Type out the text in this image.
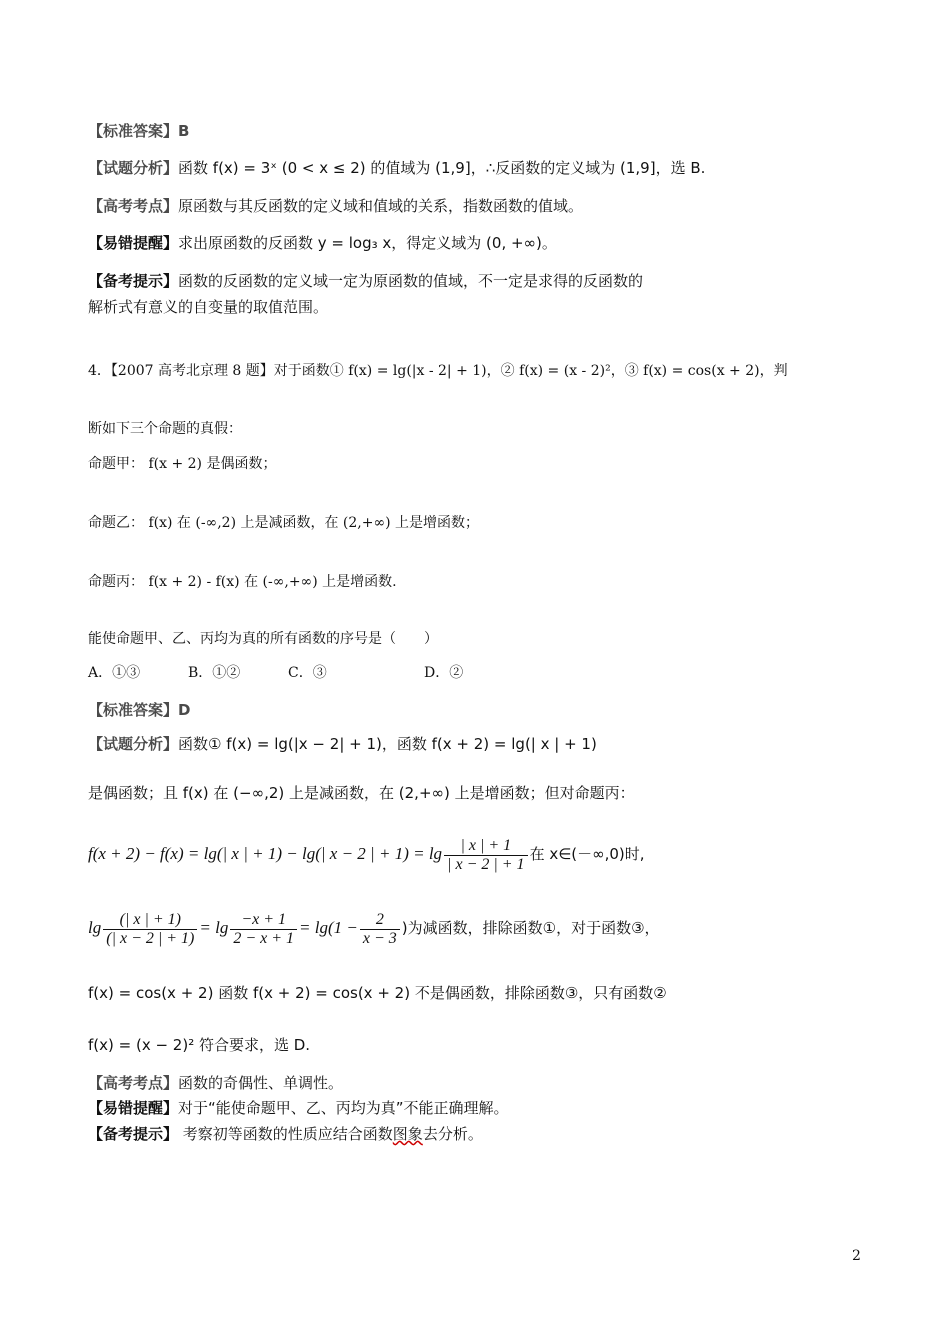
【标准答案】B
【试题分析】函数 f(x) = 3ˣ (0 < x ≤ 2) 的值域为 (1,9]，∴反函数的定义域为 (1,9]，选 B.
【高考考点】原函数与其反函数的定义域和值域的关系，指数函数的值域。
【易错提醒】求出原函数的反函数 y = log₃ x，得定义域为 (0, +∞)。
【备考提示】函数的反函数的定义域一定为原函数的值域，不一定是求得的反函数的
解析式有意义的自变量的取值范围。
4．【2007 高考北京理 8 题】对于函数① f(x) = lg(|x - 2| + 1)，② f(x) = (x - 2)²，③ f(x) = cos(x + 2)，判
断如下三个命题的真假：
命题甲： f(x + 2) 是偶函数；
命题乙： f(x) 在 (-∞,2) 上是减函数，在 (2,+∞) 上是增函数；
命题丙： f(x + 2) - f(x) 在 (-∞,+∞) 上是增函数.
能使命题甲、乙、丙均为真的所有函数的序号是（　　）
A．①③	B．①②	C．③	D．②
【标准答案】D
【试题分析】函数① f(x) = lg(|x − 2| + 1)，函数 f(x + 2) = lg(| x | + 1)
是偶函数；且 f(x) 在 (−∞,2) 上是减函数，在 (2,+∞) 上是增函数；但对命题丙：
f(x + 2) − f(x) = lg(| x | + 1) − lg(| x − 2 | + $1) = \lg \frac{| x | + 1}{| x - 2 | + 1}$ 在 x∈(－∞,0)时,
$\lg \frac{(| x | + 1)}{(| x - 2 | + 1)} = \lg \frac{-x + 1}{2 - x + 1} = \lg(1 - \frac{2}{x - 3}$ )为减函数，排除函数①，对于函数③，
f(x) = cos(x + 2) 函数 f(x + 2) = cos(x + 2) 不是偶函数，排除函数③，只有函数②
f(x) = (x − 2)² 符合要求，选 D.
【高考考点】函数的奇偶性、单调性。
【易错提醒】对于“能使命题甲、乙、丙均为真”不能正确理解。
【备考提示】 考察初等函数的性质应结合函数图象去分析。
2
